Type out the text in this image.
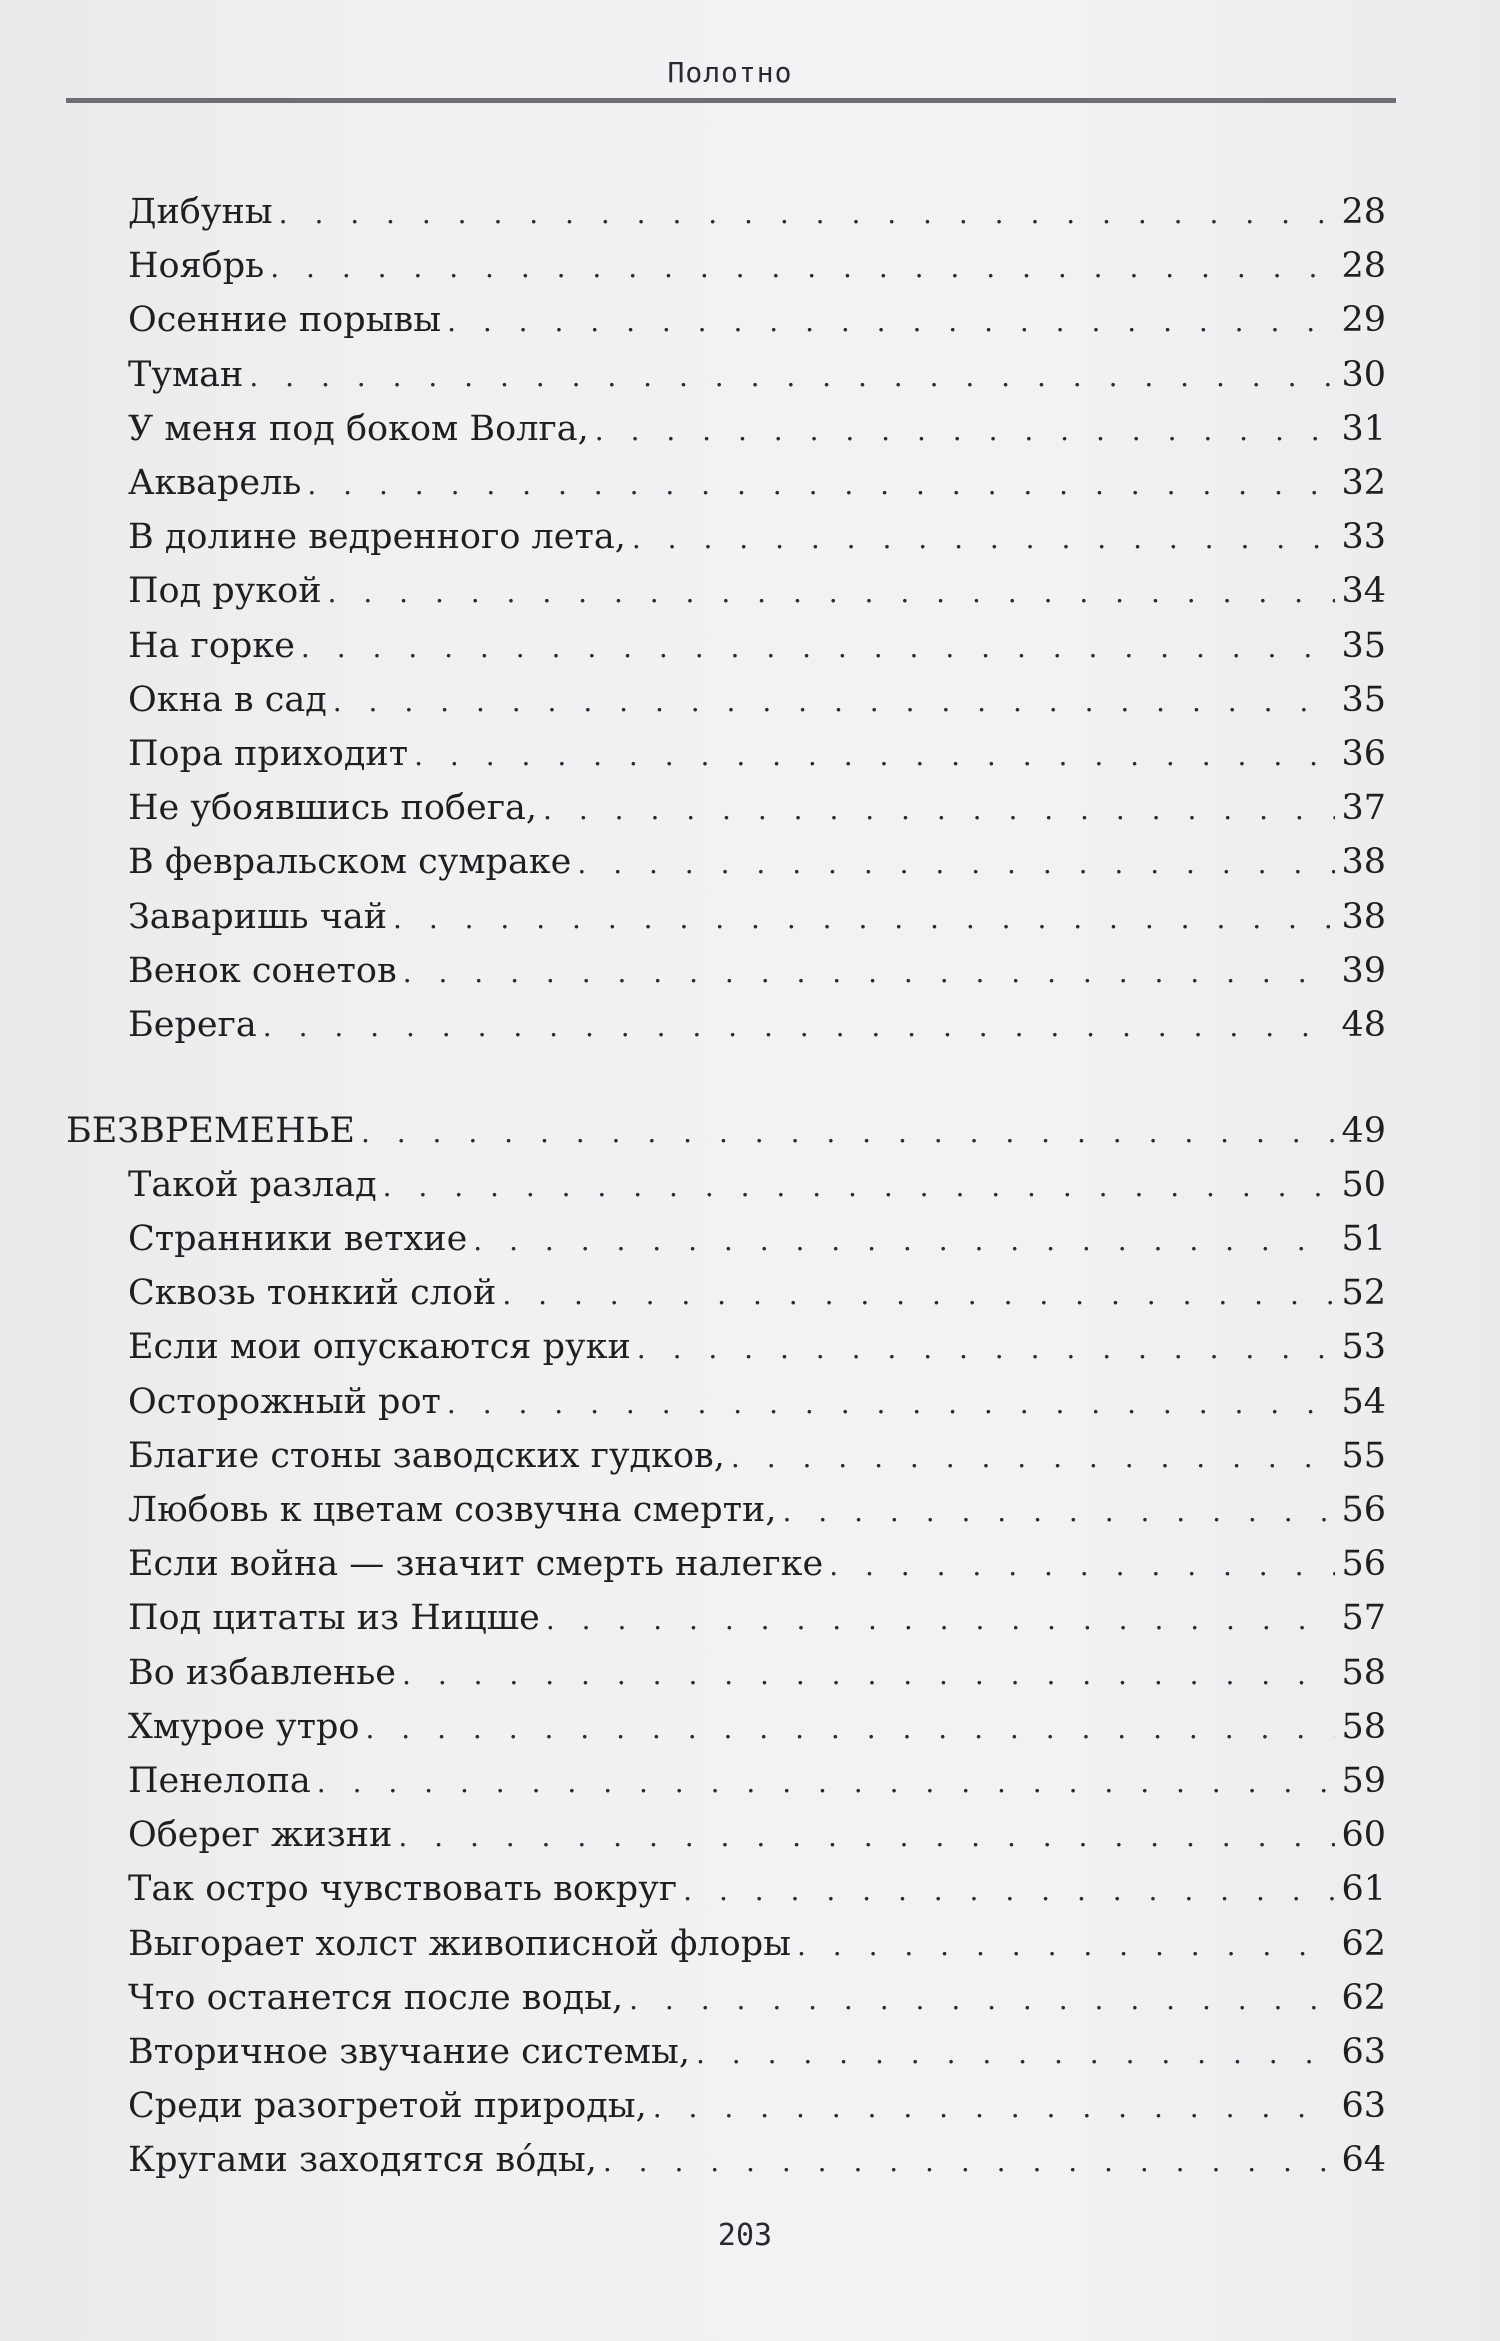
Полотно
Дибуны . . .	28
Ноябрь . . .	28
Осенние порывы . . .	29
Туман . . .	30
У меня под боком Волга, . . .	31
Акварель . . .	32
В долине ведренного лета, . . .	33
Под рукой . . .	34
На горке . . .	35
Окна в сад . . .	35
Пора приходит . . .	36
Не убоявшись побега, . . .	37
В февральском сумраке . . .	38
Заваришь чай . . .	38
Венок сонетов . . .	39
Берега . . .	48
БЕЗВРЕМЕНЬЕ . . .	49
Такой разлад . . .	50
Странники ветхие . . .	51
Сквозь тонкий слой . . .	52
Если мои опускаются руки . . .	53
Осторожный рот . . .	54
Благие стоны заводских гудков, . . .	55
Любовь к цветам созвучна смерти, . . .	56
Если война — значит смерть налегке . . .	56
Под цитаты из Ницше . . .	57
Во избавленье . . .	58
Хмурое утро . . .	58
Пенелопа . . .	59
Оберег жизни . . .	60
Так остро чувствовать вокруг . . .	61
Выгорает холст живописной флоры . . .	62
Что останется после воды, . . .	62
Вторичное звучание системы, . . .	63
Среди разогретой природы, . . .	63
Кругами заходятся во́ды, . . .	64
203
